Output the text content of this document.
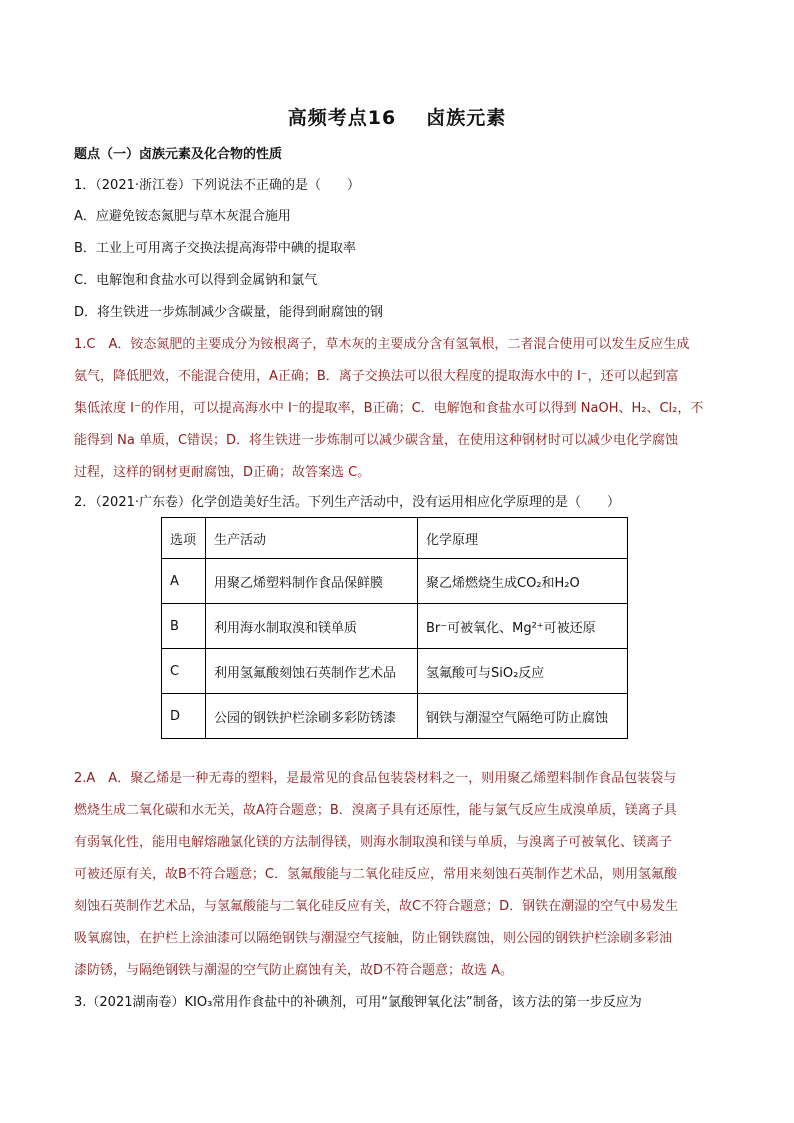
高频考点16 卤族元素
题点（一）卤族元素及化合物的性质
1．（2021·浙江卷）下列说法不正确的是（　　）
A．应避免铵态氮肥与草木灰混合施用
B．工业上可用离子交换法提高海带中碘的提取率
C．电解饱和食盐水可以得到金属钠和氯气
D．将生铁进一步炼制减少含碳量，能得到耐腐蚀的钢
1.C　A．铵态氮肥的主要成分为铵根离子，草木灰的主要成分含有氢氧根，二者混合使用可以发生反应生成
氨气，降低肥效，不能混合使用，A正确；B．离子交换法可以很大程度的提取海水中的 I⁻，还可以起到富
集低浓度 I⁻的作用，可以提高海水中 I⁻的提取率，B正确；C．电解饱和食盐水可以得到 NaOH、H₂、Cl₂，不
能得到 Na 单质，C错误；D．将生铁进一步炼制可以减少碳含量，在使用这种钢材时可以减少电化学腐蚀
过程，这样的钢材更耐腐蚀，D正确；故答案选 C。
2．（2021·广东卷）化学创造美好生活。下列生产活动中，没有运用相应化学原理的是（　　）
选项	生产活动	化学原理
A	用聚乙烯塑料制作食品保鲜膜	聚乙烯燃烧生成CO₂和H₂O
B	利用海水制取溴和镁单质	Br⁻可被氧化、Mg²⁺可被还原
C	利用氢氟酸刻蚀石英制作艺术品	氢氟酸可与SiO₂反应
D	公园的钢铁护栏涂刷多彩防锈漆	钢铁与潮湿空气隔绝可防止腐蚀
2.A　A．聚乙烯是一种无毒的塑料，是最常见的食品包装袋材料之一，则用聚乙烯塑料制作食品包装袋与
燃烧生成二氧化碳和水无关，故A符合题意；B．溴离子具有还原性，能与氯气反应生成溴单质，镁离子具
有弱氧化性，能用电解熔融氯化镁的方法制得镁，则海水制取溴和镁与单质，与溴离子可被氧化、镁离子
可被还原有关，故B不符合题意；C．氢氟酸能与二氧化硅反应，常用来刻蚀石英制作艺术品，则用氢氟酸
刻蚀石英制作艺术品，与氢氟酸能与二氧化硅反应有关，故C不符合题意；D．钢铁在潮湿的空气中易发生
吸氧腐蚀，在护栏上涂油漆可以隔绝钢铁与潮湿空气接触，防止钢铁腐蚀，则公园的钢铁护栏涂刷多彩油
漆防锈，与隔绝钢铁与潮湿的空气防止腐蚀有关，故D不符合题意；故选 A。
3.（2021湖南卷）KIO₃常用作食盐中的补碘剂，可用“氯酸钾氧化法”制备，该方法的第一步反应为
